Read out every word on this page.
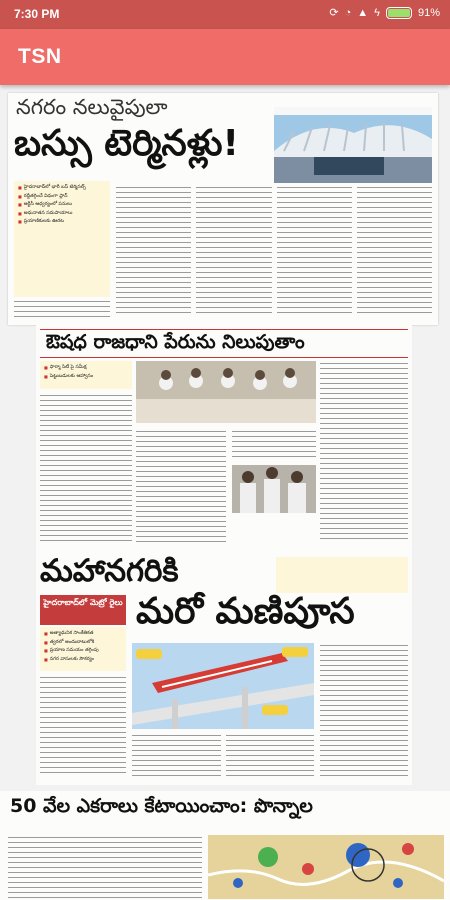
7:30 PM	⟳ ◔ ▲ ϟ	91%
TSN
నగరం నలువైపులా
బస్సు టెర్మినళ్లు!
■ హైదరాబాద్‌లో భారీ బస్‌ టెర్మినల్స్
■ రద్దీతగ్గించే విధంగా ప్లాన్
■ ఆర్టీసీ ఆధ్వర్యంలో పనులు
■ అధునాతన సదుపాయాలు
■ ప్రయాణికులకు ఊరట
ఔషధ రాజధాని పేరును నిలుపుతాం
■ ఫార్మా సిటీ పై సమీక్ష
■ పెట్టుబడులకు ఆహ్వానం
మహానగరికి
హైదరాబాద్‌లో మెట్రో రైలు మరో మణిపూస
■ అత్యాధునిక సాంకేతికత
■ త్వరలో అందుబాటులోకి
■ ప్రయాణ సమయం తగ్గింపు
■ నగర వాసులకు సౌకర్యం
50 వేల ఎకరాలు కేటాయించాం: పొన్నాల
